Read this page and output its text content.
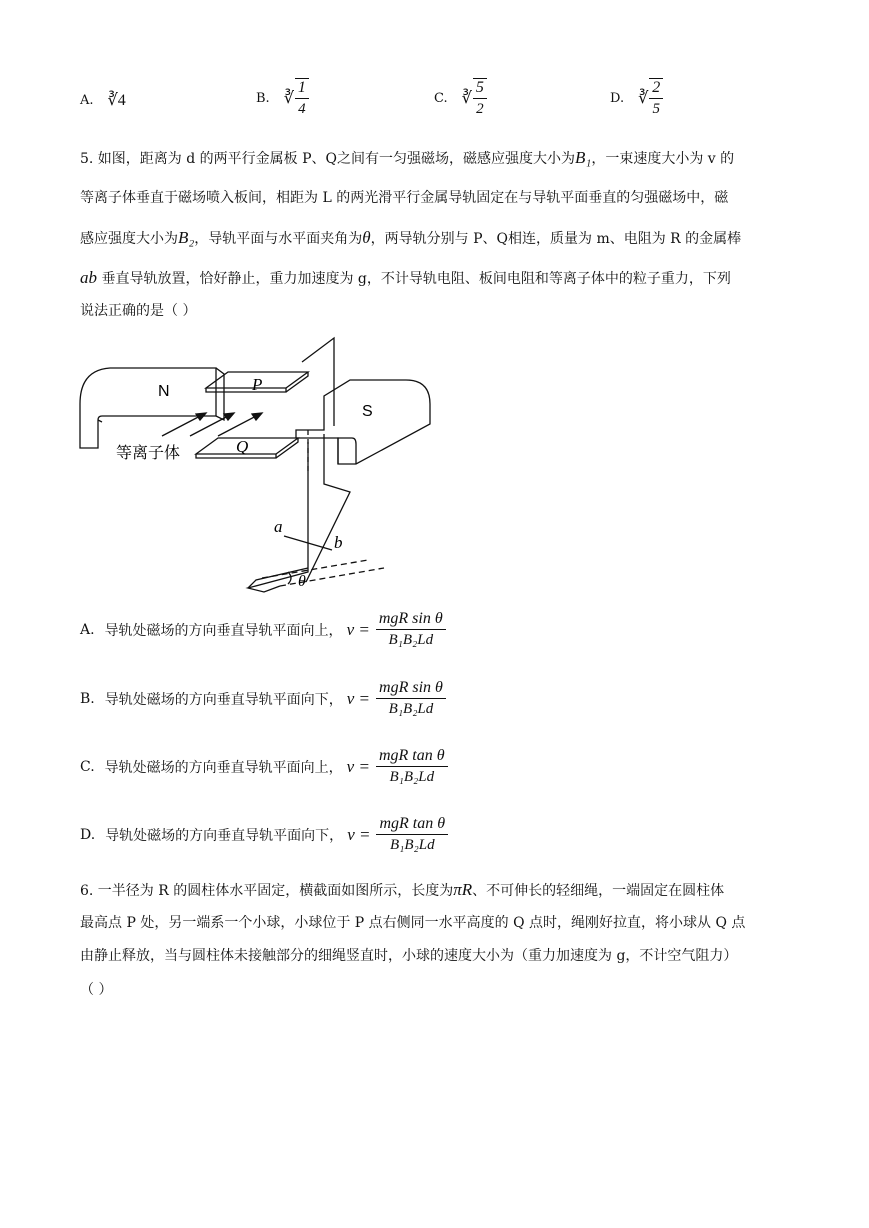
A. ∛4	B. ∛ $\frac{1}{4}$	C. ∛ $\frac{5}{2}$	D. ∛ $\frac{2}{5}$
5. 如图，距离为 d 的两平行金属板 P、Q之间有一匀强磁场，磁感应强度大小为B₁，一束速度大小为 v 的
等离子体垂直于磁场喷入板间，相距为 L 的两光滑平行金属导轨固定在与导轨平面垂直的匀强磁场中，磁
感应强度大小为B₂，导轨平面与水平面夹角为θ，两导轨分别与 P、Q相连，质量为 m、电阻为 R 的金属棒
ab 垂直导轨放置，恰好静止，重力加速度为 g，不计导轨电阻、板间电阻和等离子体中的粒子重力，下列
说法正确的是（ ）
N	P
S
Q
等离子体
a
b
θ
A. 导轨处磁场的方向垂直导轨平面向上， $v = \frac{\text{mgR sin θ}}{\text{B₁B₂Ld}}$
B. 导轨处磁场的方向垂直导轨平面向下， $v = \frac{\text{mgR sin θ}}{\text{B₁B₂Ld}}$
C. 导轨处磁场的方向垂直导轨平面向上， $v = \frac{\text{mgR tan θ}}{\text{B₁B₂Ld}}$
D. 导轨处磁场的方向垂直导轨平面向下， $v = \frac{\text{mgR tan θ}}{\text{B₁B₂Ld}}$
6. 一半径为 R 的圆柱体水平固定，横截面如图所示，长度为πR、不可伸长的轻细绳，一端固定在圆柱体
最高点 P 处，另一端系一个小球，小球位于 P 点右侧同一水平高度的 Q 点时，绳刚好拉直，将小球从 Q 点
由静止释放，当与圆柱体未接触部分的细绳竖直时，小球的速度大小为（重力加速度为 g，不计空气阻力）
（ ）
